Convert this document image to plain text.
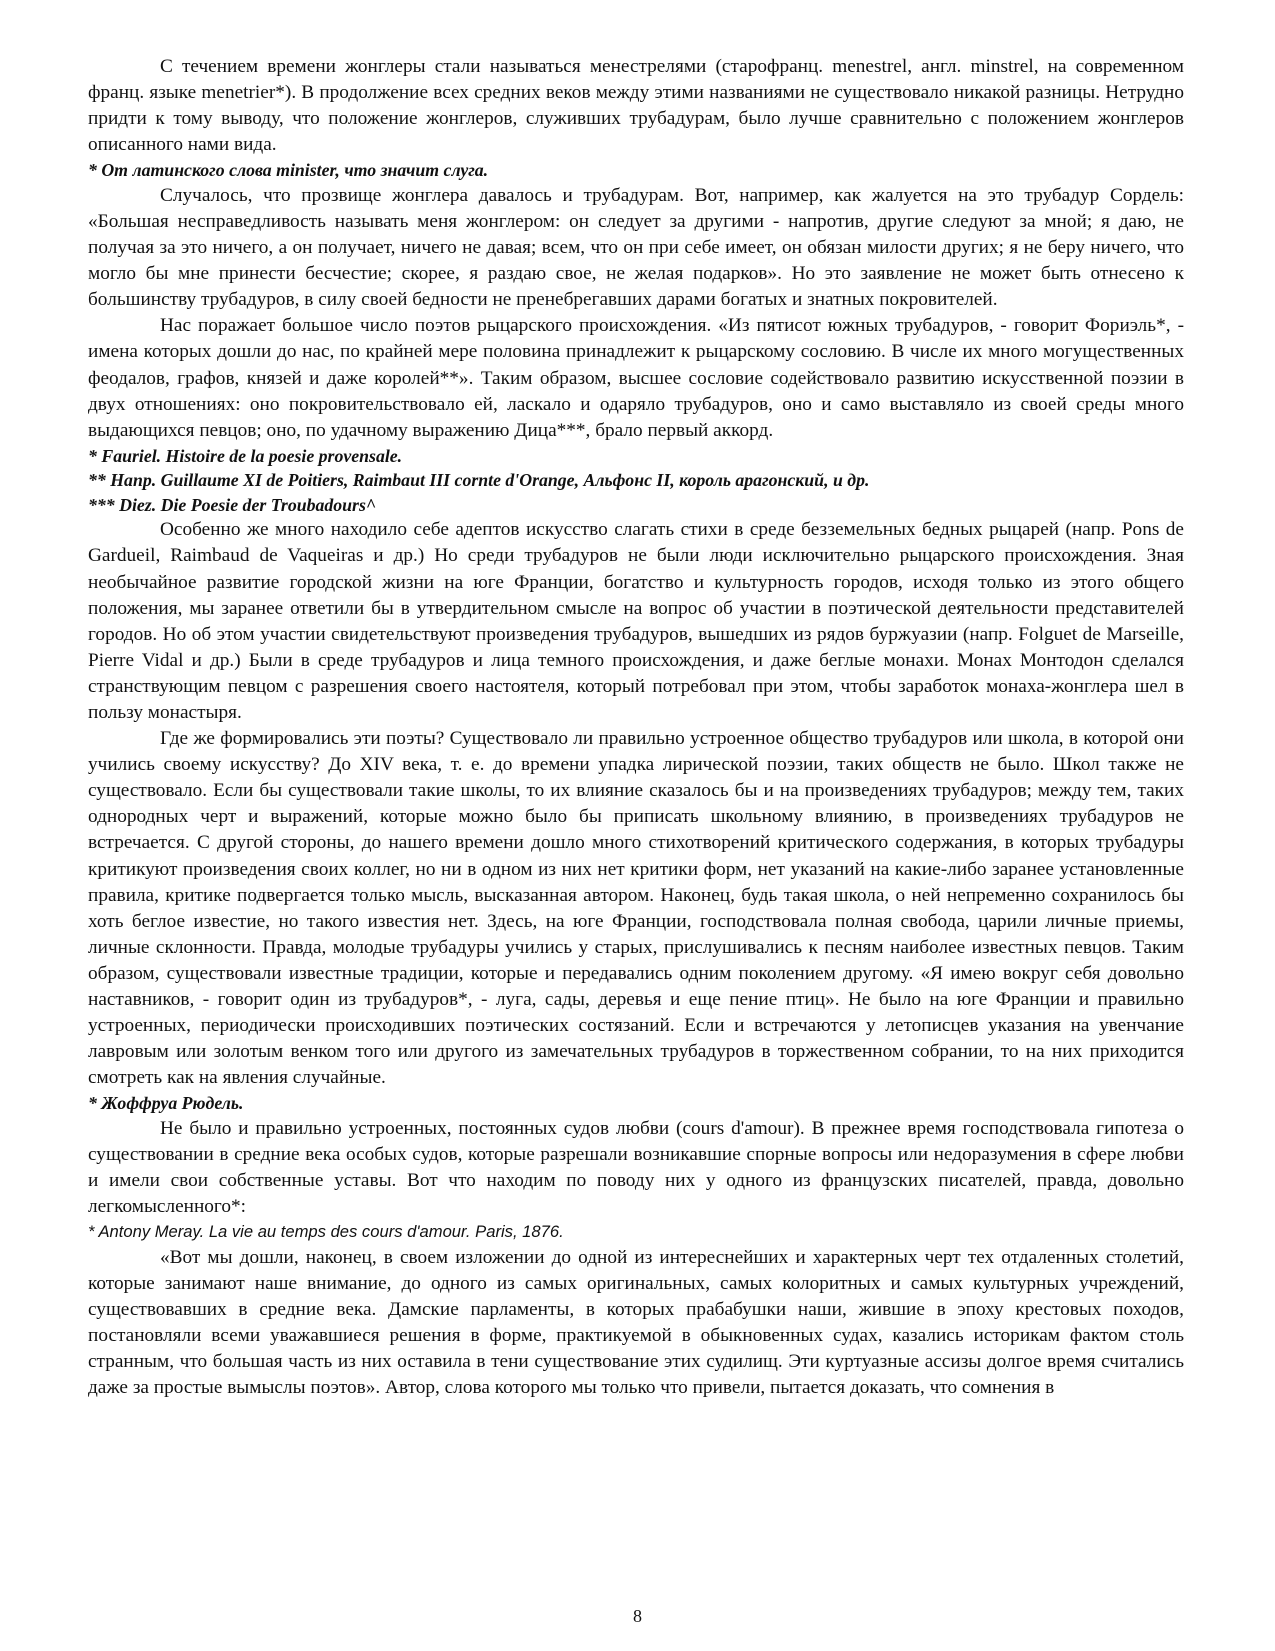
С течением времени жонглеры стали называться менестрелями (старофранц. menestrel, англ. minstrel, на современном франц. языке menetrier*). В продолжение всех средних веков между этими названиями не существовало никакой разницы. Нетрудно придти к тому выводу, что положение жонглеров, служивших трубадурам, было лучше сравнительно с положением жонглеров описанного нами вида.

* От латинского слова minister, что значит слуга.

Случалось, что прозвище жонглера давалось и трубадурам. Вот, например, как жалуется на это трубадур Сордель: «Большая несправедливость называть меня жонглером: он следует за другими - напротив, другие следуют за мной; я даю, не получая за это ничего, а он получает, ничего не давая; всем, что он при себе имеет, он обязан милости других; я не беру ничего, что могло бы мне принести бесчестие; скорее, я раздаю свое, не желая подарков». Но это заявление не может быть отнесено к большинству трубадуров, в силу своей бедности не пренебрегавших дарами богатых и знатных покровителей.

Нас поражает большое число поэтов рыцарского происхождения. «Из пятисот южных трубадуров, - говорит Фориэль*, - имена которых дошли до нас, по крайней мере половина принадлежит к рыцарскому сословию. В числе их много могущественных феодалов, графов, князей и даже королей**». Таким образом, высшее сословие содействовало развитию искусственной поэзии в двух отношениях: оно покровительствовало ей, ласкало и одаряло трубадуров, оно и само выставляло из своей среды много выдающихся певцов; оно, по удачному выражению Дица***, брало первый аккорд.

* Fauriel. Histoire de la poesie provensale.

** Напр. Guillaume XI de Poitiers, Raimbaut III cornte d'Orange, Альфонс II, король арагонский, и др.

*** Diez. Die Poesie der Troubadours^

Особенно же много находило себе адептов искусство слагать стихи в среде безземельных бедных рыцарей (напр. Pons de Gardueil, Raimbaud de Vaqueiras и др.) Но среди трубадуров не были люди исключительно рыцарского происхождения. Зная необычайное развитие городской жизни на юге Франции, богатство и культурность городов, исходя только из этого общего положения, мы заранее ответили бы в утвердительном смысле на вопрос об участии в поэтической деятельности представителей городов. Но об этом участии свидетельствуют произведения трубадуров, вышедших из рядов буржуазии (напр. Folguet de Marseille, Pierre Vidal и др.) Были в среде трубадуров и лица темного происхождения, и даже беглые монахи. Монах Монтодон сделался странствующим певцом с разрешения своего настоятеля, который потребовал при этом, чтобы заработок монаха-жонглера шел в пользу монастыря.

Где же формировались эти поэты? Существовало ли правильно устроенное общество трубадуров или школа, в которой они учились своему искусству? До XIV века, т. е. до времени упадка лирической поэзии, таких обществ не было. Школ также не существовало. Если бы существовали такие школы, то их влияние сказалось бы и на произведениях трубадуров; между тем, таких однородных черт и выражений, которые можно было бы приписать школьному влиянию, в произведениях трубадуров не встречается. С другой стороны, до нашего времени дошло много стихотворений критического содержания, в которых трубадуры критикуют произведения своих коллег, но ни в одном из них нет критики форм, нет указаний на какие-либо заранее установленные правила, критике подвергается только мысль, высказанная автором. Наконец, будь такая школа, о ней непременно сохранилось бы хоть беглое известие, но такого известия нет. Здесь, на юге Франции, господствовала полная свобода, царили личные приемы, личные склонности. Правда, молодые трубадуры учились у старых, прислушивались к песням наиболее известных певцов. Таким образом, существовали известные традиции, которые и передавались одним поколением другому. «Я имею вокруг себя довольно наставников, - говорит один из трубадуров*, - луга, сады, деревья и еще пение птиц». Не было на юге Франции и правильно устроенных, периодически происходивших поэтических состязаний. Если и встречаются у летописцев указания на увенчание лавровым или золотым венком того или другого из замечательных трубадуров в торжественном собрании, то на них приходится смотреть как на явления случайные.

* Жоффруа Рюдель.

Не было и правильно устроенных, постоянных судов любви (cours d'amour). В прежнее время господствовала гипотеза о существовании в средние века особых судов, которые разрешали возникавшие спорные вопросы или недоразумения в сфере любви и имели свои собственные уставы. Вот что находим по поводу них у одного из французских писателей, правда, довольно легкомысленного*:

* Antony Meray. La vie au temps des cours d'amour. Paris, 1876.

«Вот мы дошли, наконец, в своем изложении до одной из интереснейших и характерных черт тех отдаленных столетий, которые занимают наше внимание, до одного из самых оригинальных, самых колоритных и самых культурных учреждений, существовавших в средние века. Дамские парламенты, в которых прабабушки наши, жившие в эпоху крестовых походов, постановляли всеми уважавшиеся решения в форме, практикуемой в обыкновенных судах, казались историкам фактом столь странным, что большая часть из них оставила в тени существование этих судилищ. Эти куртуазные ассизы долгое время считались даже за простые вымыслы поэтов». Автор, слова которого мы только что привели, пытается доказать, что сомнения в

8
